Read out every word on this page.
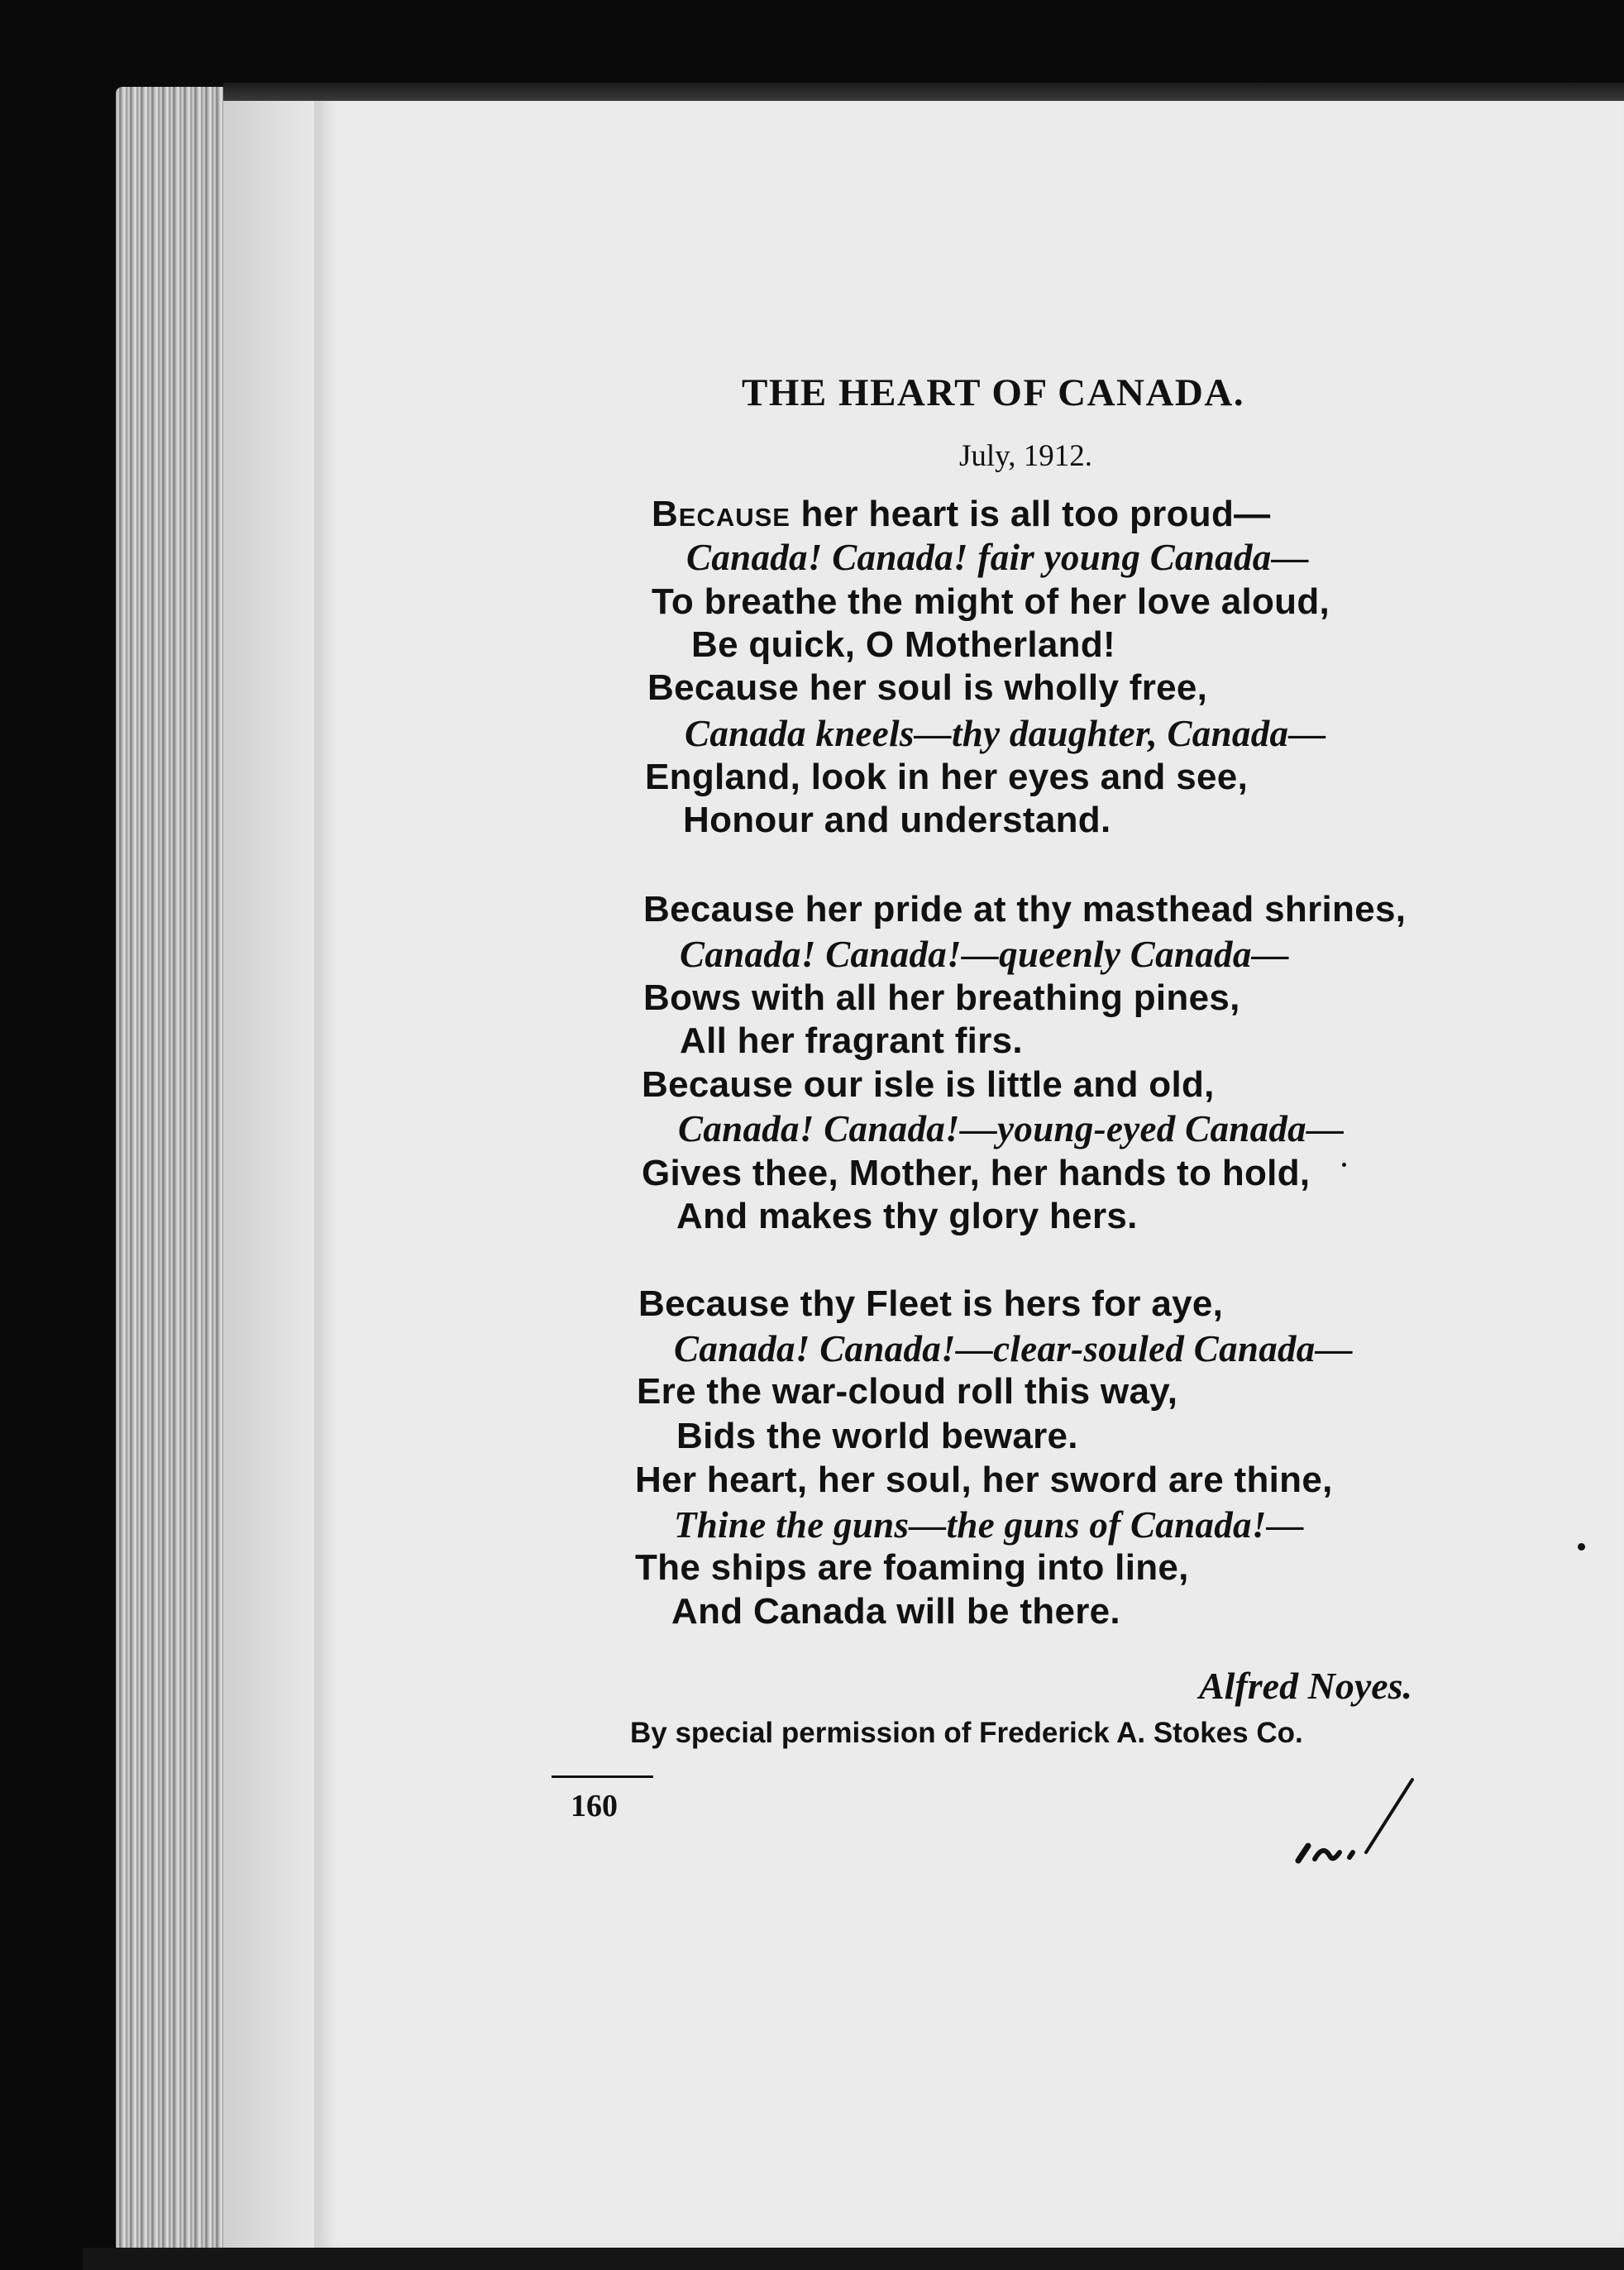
THE HEART OF CANADA.
July, 1912.
Because her heart is all too proud—
Canada! Canada! fair young Canada—
To breathe the might of her love aloud,
Be quick, O Motherland!
Because her soul is wholly free,
Canada kneels—thy daughter, Canada—
England, look in her eyes and see,
Honour and understand.
Because her pride at thy masthead shrines,
Canada! Canada!—queenly Canada—
Bows with all her breathing pines,
All her fragrant firs.
Because our isle is little and old,
Canada! Canada!—young-eyed Canada—
Gives thee, Mother, her hands to hold,
And makes thy glory hers.
Because thy Fleet is hers for aye,
Canada! Canada!—clear-souled Canada—
Ere the war-cloud roll this way,
Bids the world beware.
Her heart, her soul, her sword are thine,
Thine the guns—the guns of Canada!—
The ships are foaming into line,
And Canada will be there.
Alfred Noyes.
By special permission of Frederick A. Stokes Co.
160
